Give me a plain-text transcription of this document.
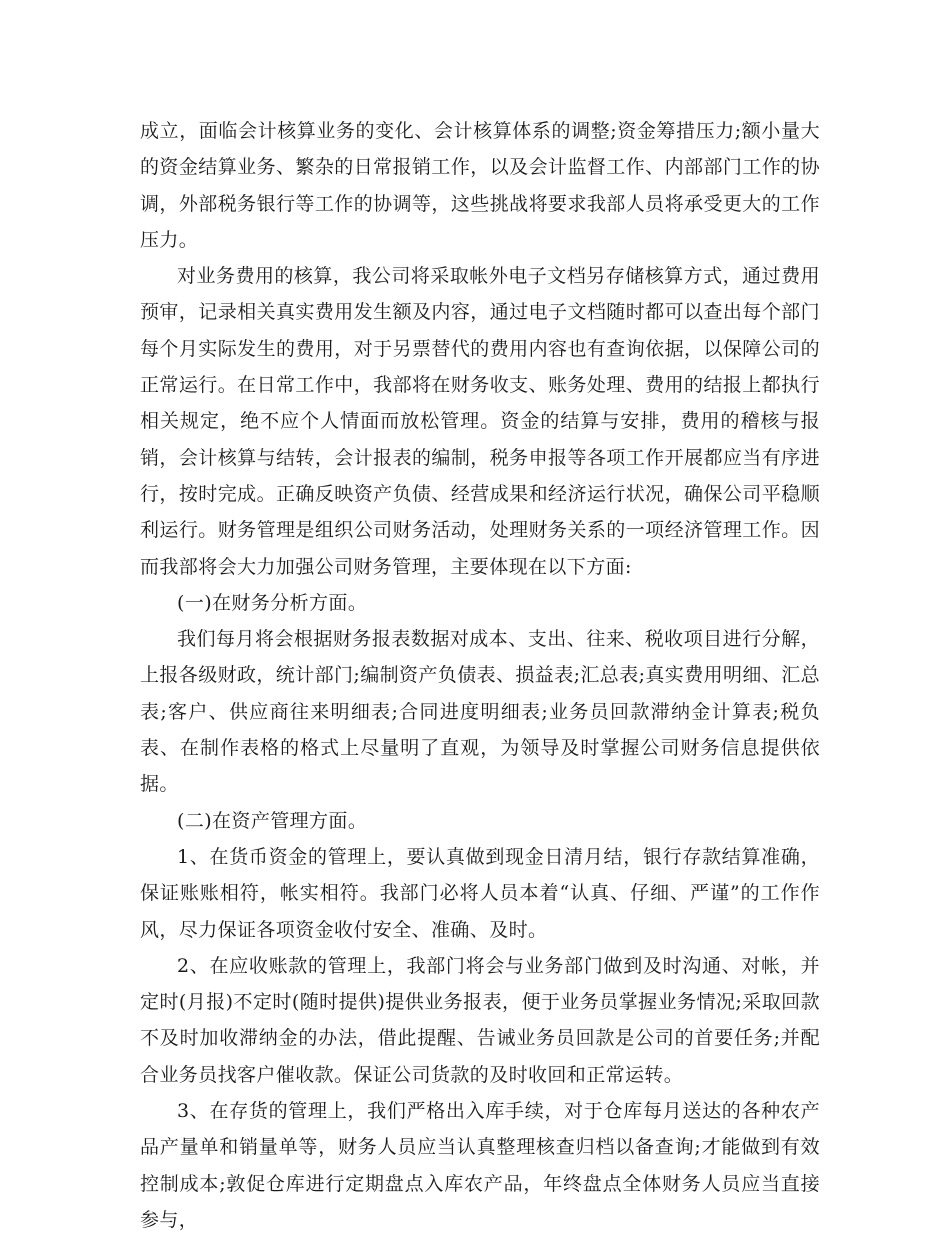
成立，面临会计核算业务的变化、会计核算体系的调整;资金筹措压力;额小量大的资金结算业务、繁杂的日常报销工作，以及会计监督工作、内部部门工作的协调，外部税务银行等工作的协调等，这些挑战将要求我部人员将承受更大的工作压力。

对业务费用的核算，我公司将采取帐外电子文档另存储核算方式，通过费用预审，记录相关真实费用发生额及内容，通过电子文档随时都可以查出每个部门每个月实际发生的费用，对于另票替代的费用内容也有查询依据，以保障公司的正常运行。在日常工作中，我部将在财务收支、账务处理、费用的结报上都执行相关规定，绝不应个人情面而放松管理。资金的结算与安排，费用的稽核与报销，会计核算与结转，会计报表的编制，税务申报等各项工作开展都应当有序进行，按时完成。正确反映资产负债、经营成果和经济运行状况，确保公司平稳顺利运行。财务管理是组织公司财务活动，处理财务关系的一项经济管理工作。因而我部将会大力加强公司财务管理，主要体现在以下方面:

(一)在财务分析方面。

我们每月将会根据财务报表数据对成本、支出、往来、税收项目进行分解，上报各级财政，统计部门;编制资产负债表、损益表;汇总表;真实费用明细、汇总表;客户、供应商往来明细表;合同进度明细表;业务员回款滞纳金计算表;税负表、在制作表格的格式上尽量明了直观，为领导及时掌握公司财务信息提供依据。

(二)在资产管理方面。

1、在货币资金的管理上，要认真做到现金日清月结，银行存款结算准确，保证账账相符，帐实相符。我部门必将人员本着“认真、仔细、严谨”的工作作风，尽力保证各项资金收付安全、准确、及时。

2、在应收账款的管理上，我部门将会与业务部门做到及时沟通、对帐，并定时(月报)不定时(随时提供)提供业务报表，便于业务员掌握业务情况;采取回款不及时加收滞纳金的办法，借此提醒、告诫业务员回款是公司的首要任务;并配合业务员找客户催收款。保证公司货款的及时收回和正常运转。

3、在存货的管理上，我们严格出入库手续，对于仓库每月送达的各种农产品产量单和销量单等，财务人员应当认真整理核查归档以备查询;才能做到有效控制成本;敦促仓库进行定期盘点入库农产品，年终盘点全体财务人员应当直接参与，
